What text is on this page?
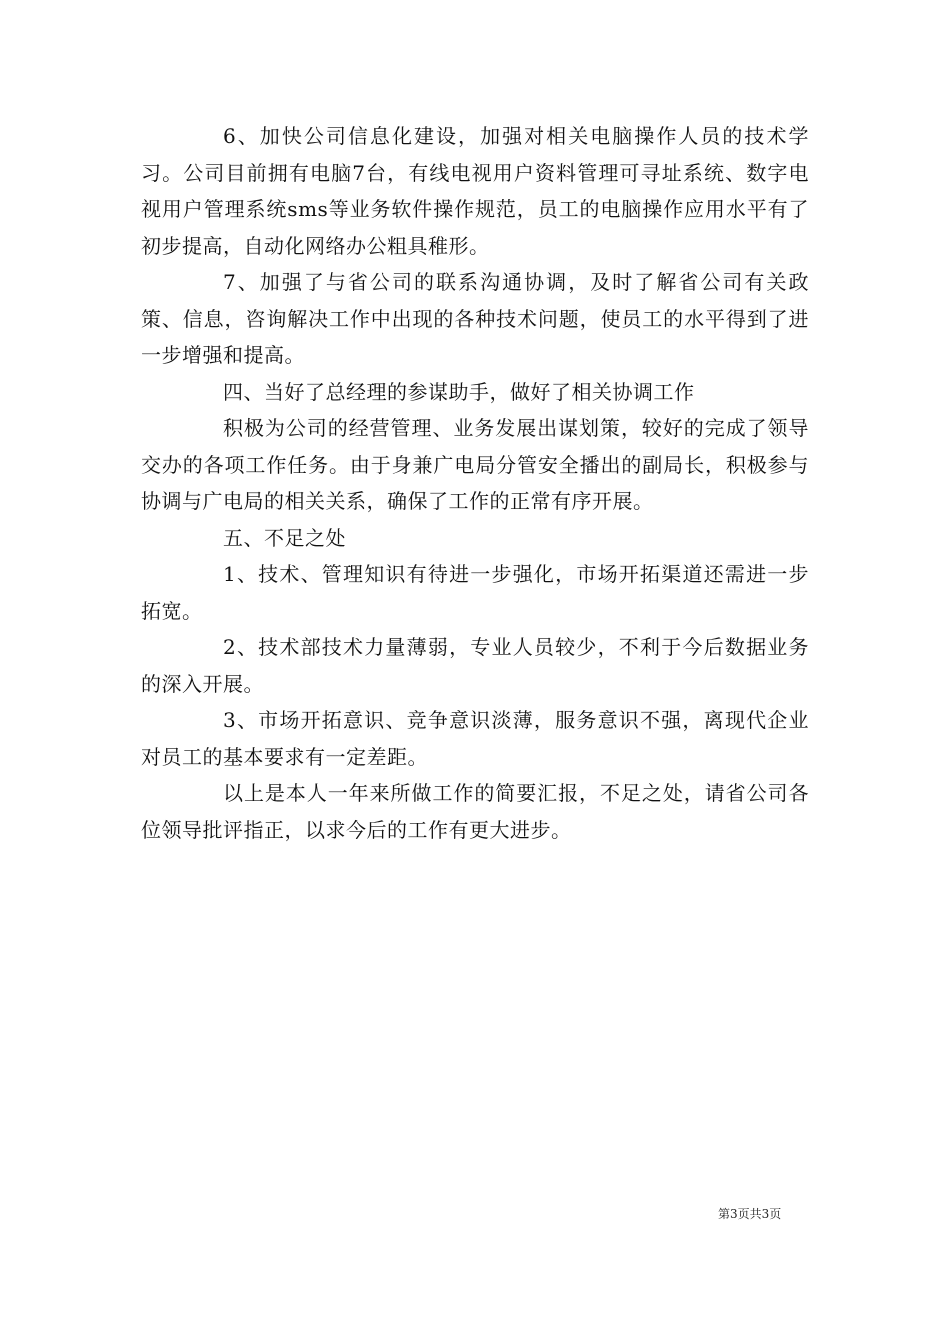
6、加快公司信息化建设，加强对相关电脑操作人员的技术学习。公司目前拥有电脑7台，有线电视用户资料管理可寻址系统、数字电视用户管理系统sms等业务软件操作规范，员工的电脑操作应用水平有了初步提高，自动化网络办公粗具稚形。

7、加强了与省公司的联系沟通协调，及时了解省公司有关政策、信息，咨询解决工作中出现的各种技术问题，使员工的水平得到了进一步增强和提高。

四、当好了总经理的参谋助手，做好了相关协调工作

积极为公司的经营管理、业务发展出谋划策，较好的完成了领导交办的各项工作任务。由于身兼广电局分管安全播出的副局长，积极参与协调与广电局的相关关系，确保了工作的正常有序开展。

五、不足之处

1、技术、管理知识有待进一步强化，市场开拓渠道还需进一步拓宽。

2、技术部技术力量薄弱，专业人员较少，不利于今后数据业务的深入开展。

3、市场开拓意识、竞争意识淡薄，服务意识不强，离现代企业对员工的基本要求有一定差距。

以上是本人一年来所做工作的简要汇报，不足之处，请省公司各位领导批评指正，以求今后的工作有更大进步。

第3页共3页
